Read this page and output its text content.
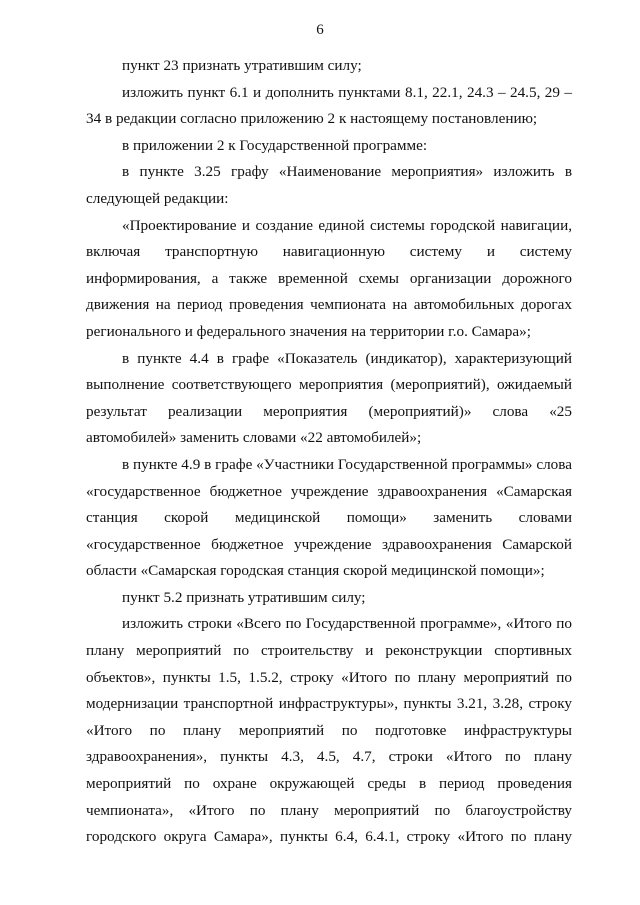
6

пункт 23 признать утратившим силу;

изложить пункт 6.1 и дополнить пунктами 8.1, 22.1, 24.3 – 24.5, 29 – 34 в редакции согласно приложению 2 к настоящему постановлению;

в приложении 2 к Государственной программе:

в пункте 3.25 графу «Наименование мероприятия» изложить в следующей редакции:

«Проектирование и создание единой системы городской навигации, включая транспортную навигационную систему и систему информирования, а также временной схемы организации дорожного движения на период проведения чемпионата на автомобильных дорогах регионального и федерального значения на территории г.о. Самара»;

в пункте 4.4 в графе «Показатель (индикатор), характеризующий выполнение соответствующего мероприятия (мероприятий), ожидаемый результат реализации мероприятия (мероприятий)» слова «25 автомобилей» заменить словами «22 автомобилей»;

в пункте 4.9 в графе «Участники Государственной программы» слова «государственное бюджетное учреждение здравоохранения «Самарская станция скорой медицинской помощи» заменить словами «государственное бюджетное учреждение здравоохранения Самарской области «Самарская городская станция скорой медицинской помощи»;

пункт 5.2 признать утратившим силу;

изложить строки «Всего по Государственной программе», «Итого по плану мероприятий по строительству и реконструкции спортивных объектов», пункты 1.5, 1.5.2, строку «Итого по плану мероприятий по модернизации транспортной инфраструктуры», пункты 3.21, 3.28, строку «Итого по плану мероприятий по подготовке инфраструктуры здравоохранения», пункты 4.3, 4.5, 4.7, строки «Итого по плану мероприятий по охране окружающей среды в период проведения чемпионата», «Итого по плану мероприятий по благоустройству городского округа Самара», пункты 6.4, 6.4.1, строку «Итого по плану
